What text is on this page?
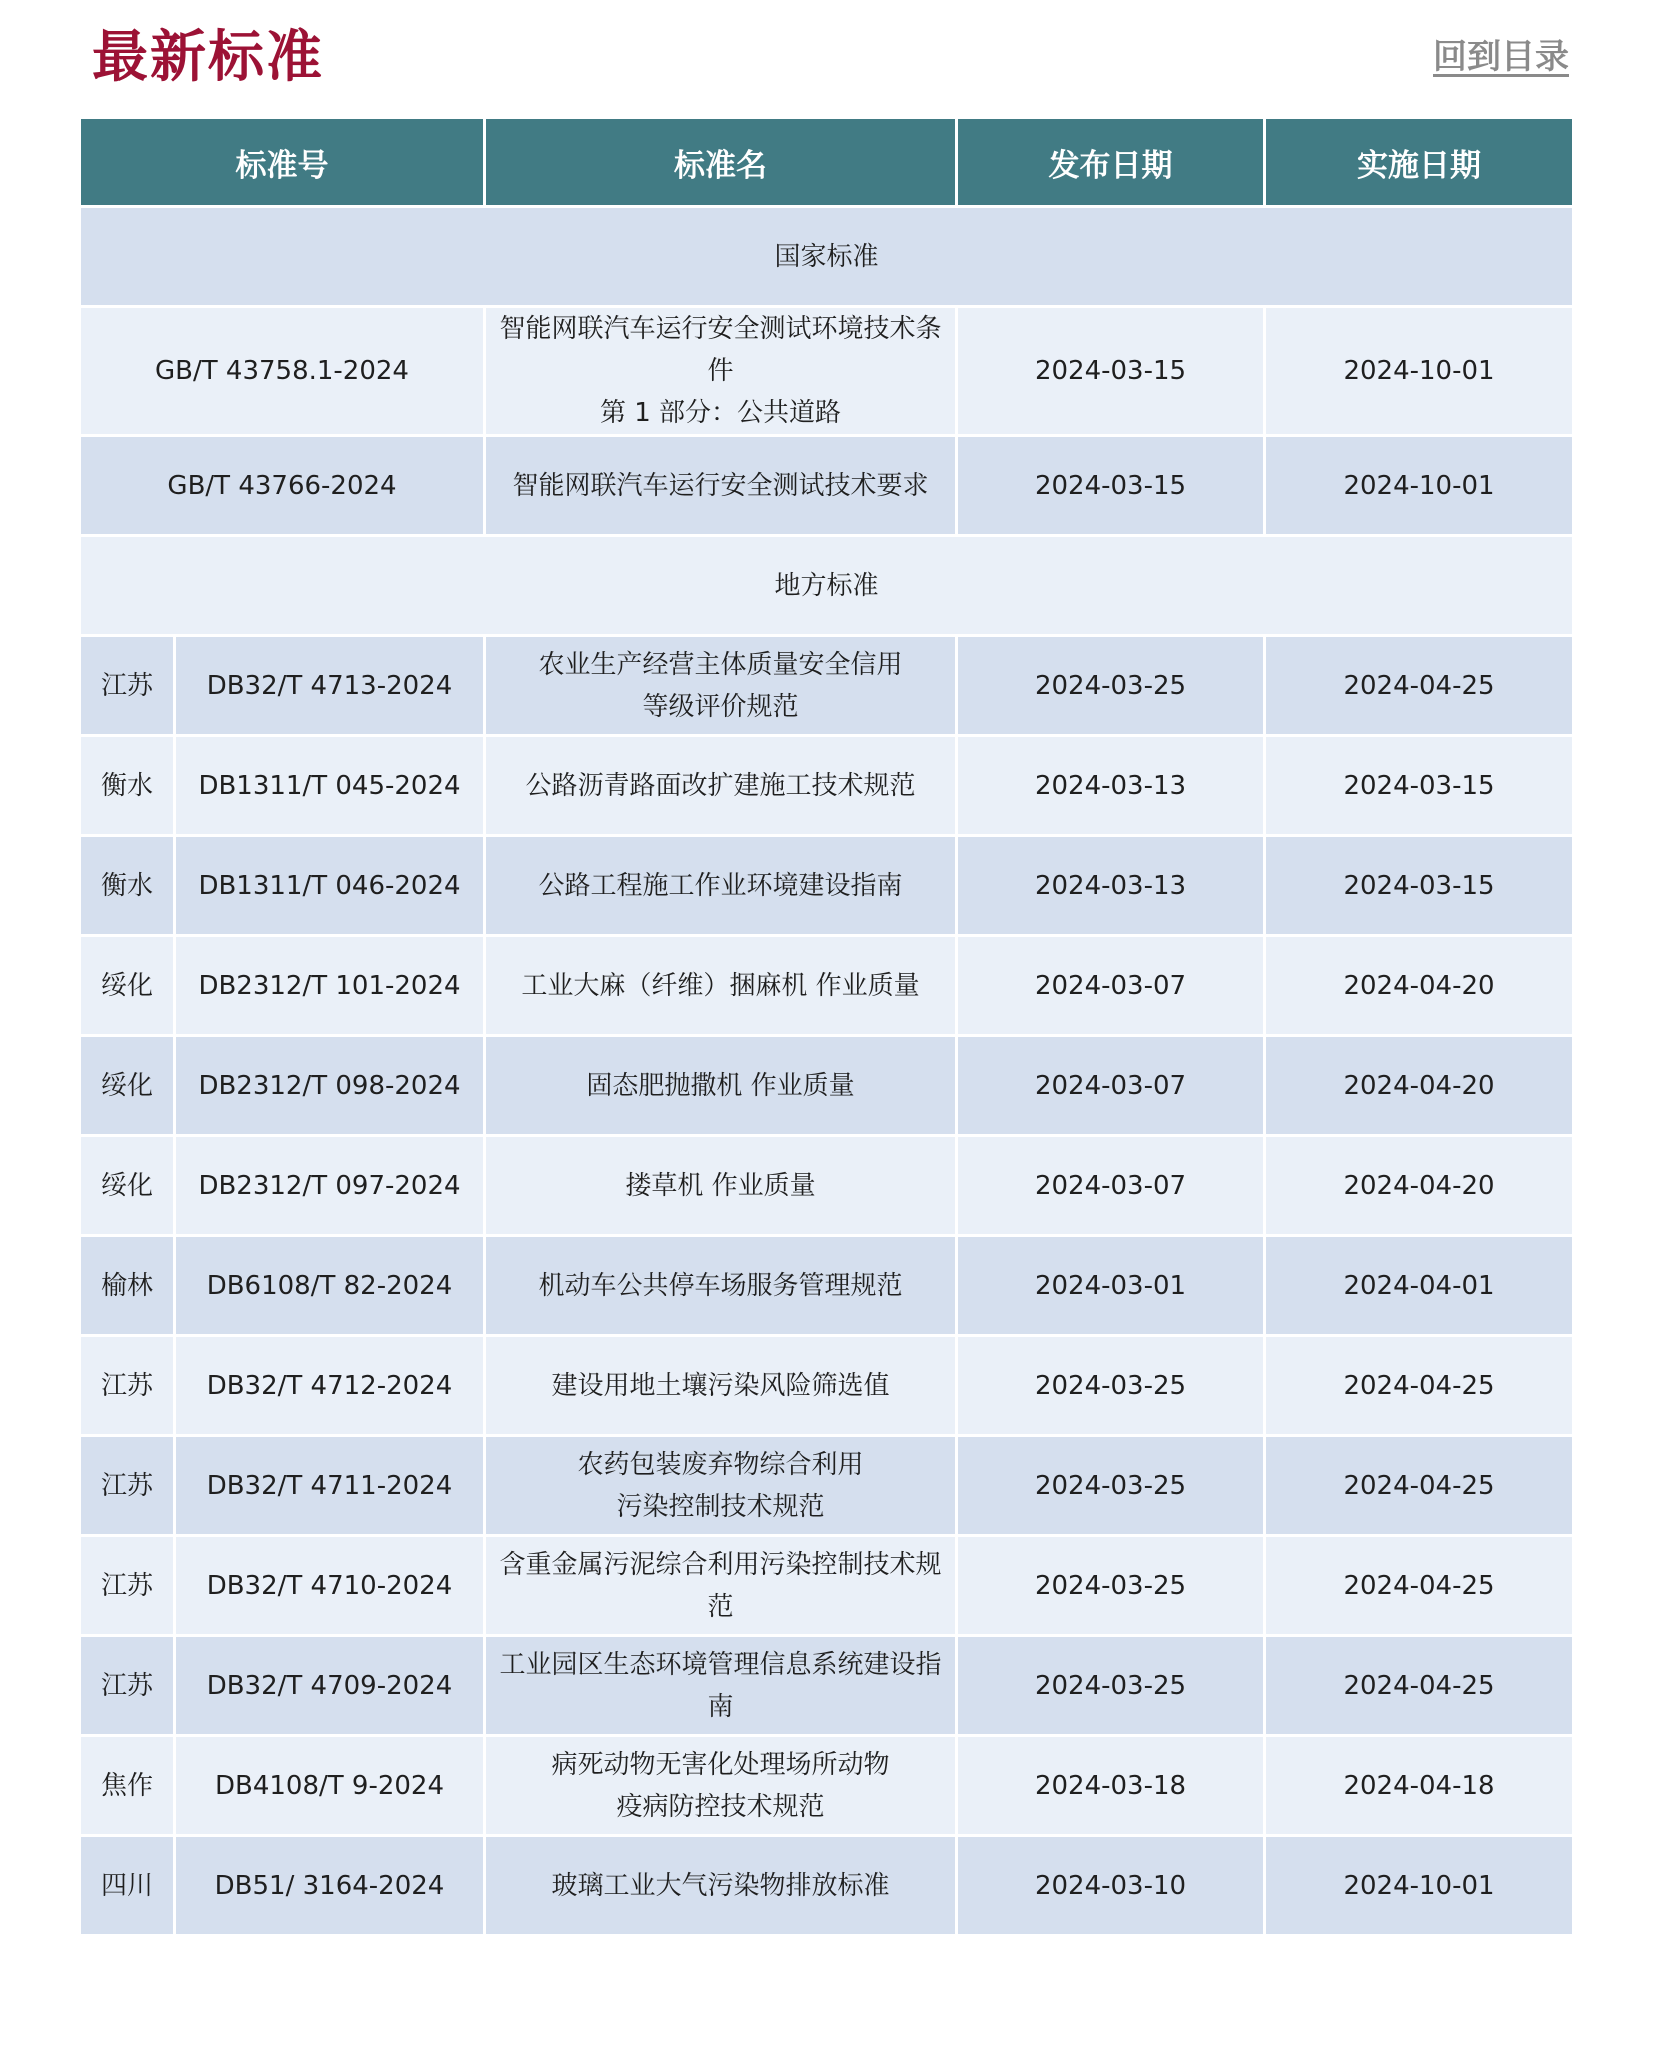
最新标准	回到目录
标准号		标准名	发布日期	实施日期
国家标准				
GB/T 43758.1-2024		智能网联汽车运行安全测试环境技术条件
第 1 部分：公共道路	2024-03-15	2024-10-01
GB/T 43766-2024		智能网联汽车运行安全测试技术要求	2024-03-15	2024-10-01
地方标准				
江苏	DB32/T 4713-2024	农业生产经营主体质量安全信用
等级评价规范	2024-03-25	2024-04-25
衡水	DB1311/T 045-2024	公路沥青路面改扩建施工技术规范	2024-03-13	2024-03-15
衡水	DB1311/T 046-2024	公路工程施工作业环境建设指南	2024-03-13	2024-03-15
绥化	DB2312/T 101-2024	工业大麻（纤维）捆麻机 作业质量	2024-03-07	2024-04-20
绥化	DB2312/T 098-2024	固态肥抛撒机 作业质量	2024-03-07	2024-04-20
绥化	DB2312/T 097-2024	搂草机 作业质量	2024-03-07	2024-04-20
榆林	DB6108/T 82-2024	机动车公共停车场服务管理规范	2024-03-01	2024-04-01
江苏	DB32/T 4712-2024	建设用地土壤污染风险筛选值	2024-03-25	2024-04-25
江苏	DB32/T 4711-2024	农药包装废弃物综合利用
污染控制技术规范	2024-03-25	2024-04-25
江苏	DB32/T 4710-2024	含重金属污泥综合利用污染控制技术规范	2024-03-25	2024-04-25
江苏	DB32/T 4709-2024	工业园区生态环境管理信息系统建设指南	2024-03-25	2024-04-25
焦作	DB4108/T 9-2024	病死动物无害化处理场所动物
疫病防控技术规范	2024-03-18	2024-04-18
四川	DB51/ 3164-2024	玻璃工业大气污染物排放标准	2024-03-10	2024-10-01
